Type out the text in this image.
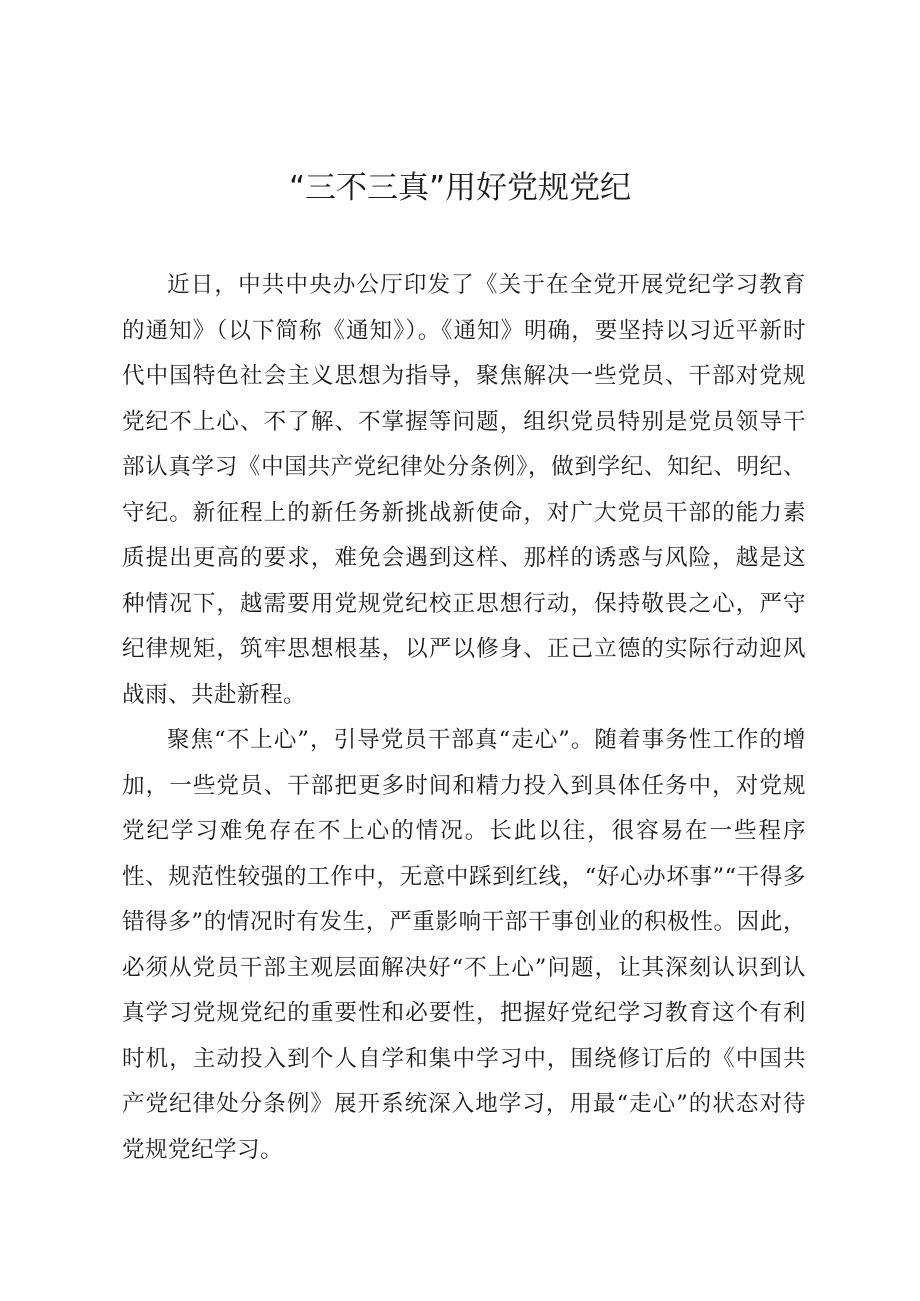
“三不三真”用好党规党纪

近日，中共中央办公厅印发了《关于在全党开展党纪学习教育的通知》（以下简称《通知》）。《通知》明确，要坚持以习近平新时代中国特色社会主义思想为指导，聚焦解决一些党员、干部对党规党纪不上心、不了解、不掌握等问题，组织党员特别是党员领导干部认真学习《中国共产党纪律处分条例》，做到学纪、知纪、明纪、守纪。新征程上的新任务新挑战新使命，对广大党员干部的能力素质提出更高的要求，难免会遇到这样、那样的诱惑与风险，越是这种情况下，越需要用党规党纪校正思想行动，保持敬畏之心，严守纪律规矩，筑牢思想根基，以严以修身、正己立德的实际行动迎风战雨、共赴新程。

聚焦“不上心”，引导党员干部真“走心”。随着事务性工作的增加，一些党员、干部把更多时间和精力投入到具体任务中，对党规党纪学习难免存在不上心的情况。长此以往，很容易在一些程序性、规范性较强的工作中，无意中踩到红线，“好心办坏事”“干得多错得多”的情况时有发生，严重影响干部干事创业的积极性。因此，必须从党员干部主观层面解决好“不上心”问题，让其深刻认识到认真学习党规党纪的重要性和必要性，把握好党纪学习教育这个有利时机，主动投入到个人自学和集中学习中，围绕修订后的《中国共产党纪律处分条例》展开系统深入地学习，用最“走心”的状态对待党规党纪学习。
